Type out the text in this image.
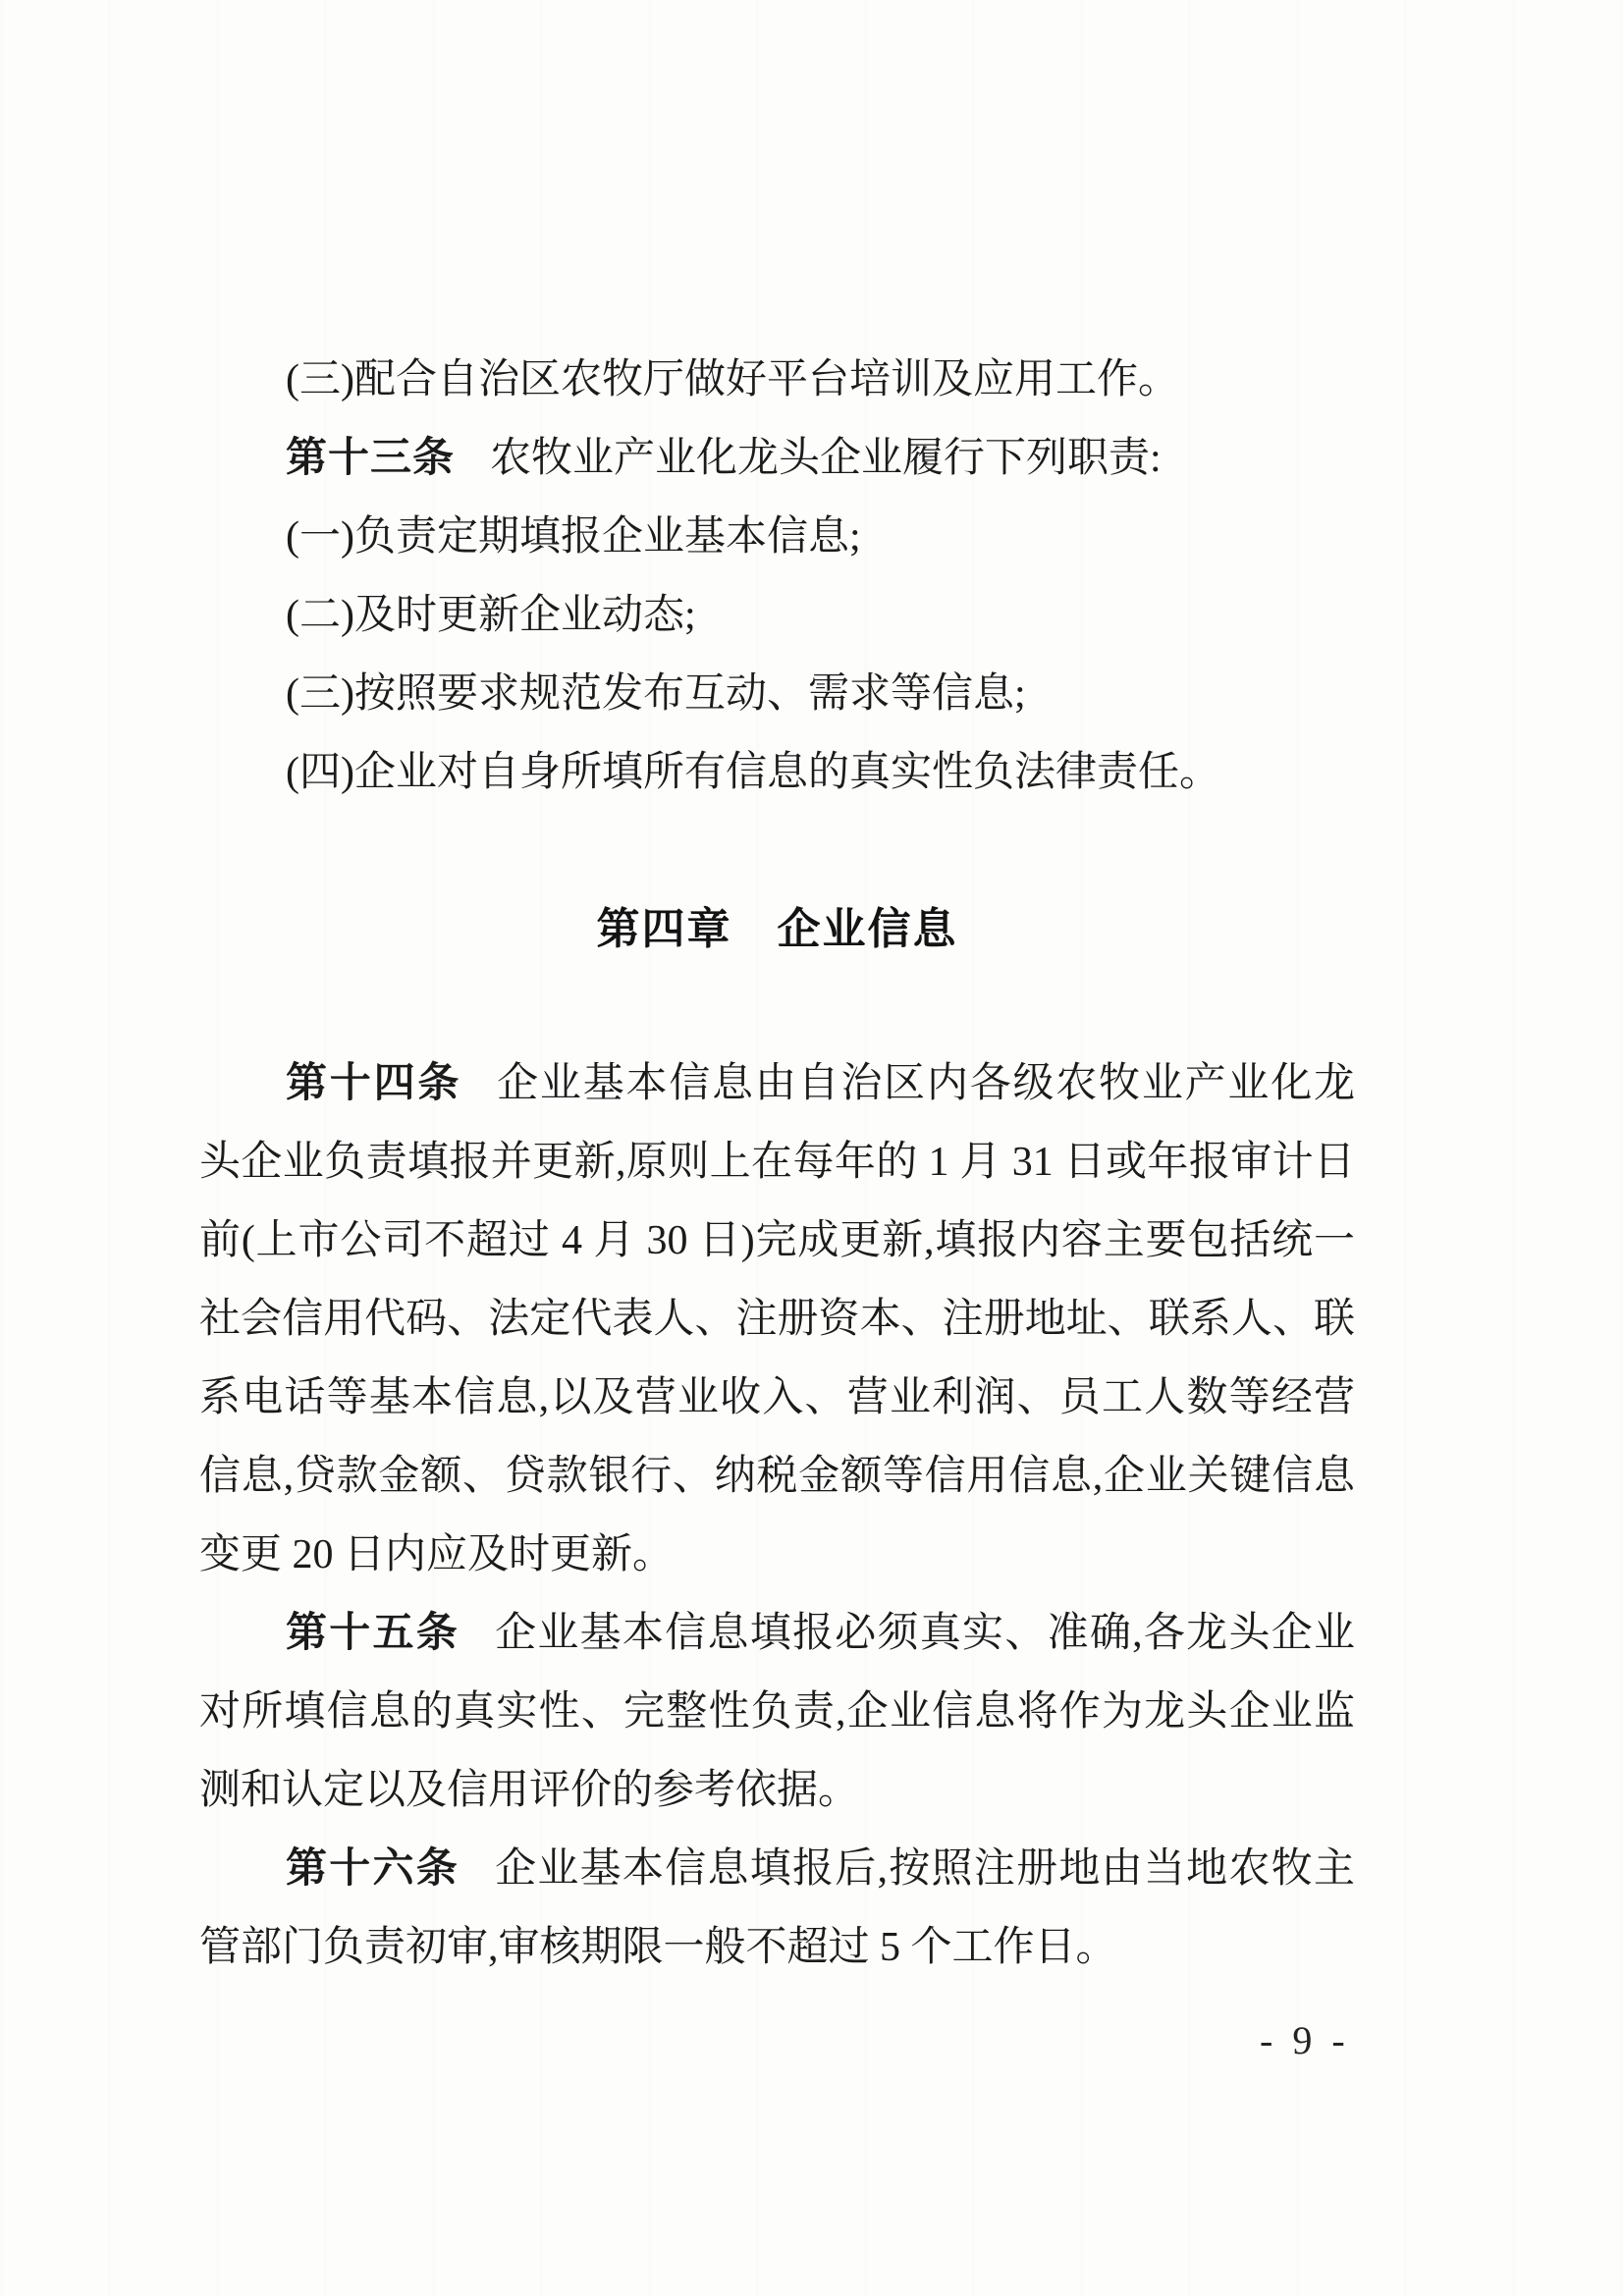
(三)配合自治区农牧厅做好平台培训及应用工作。

第十三条 农牧业产业化龙头企业履行下列职责:

(一)负责定期填报企业基本信息;

(二)及时更新企业动态;

(三)按照要求规范发布互动、需求等信息;

(四)企业对自身所填所有信息的真实性负法律责任。

第四章　企业信息

第十四条 企业基本信息由自治区内各级农牧业产业化龙头企业负责填报并更新,原则上在每年的 1 月 31 日或年报审计日前(上市公司不超过 4 月 30 日)完成更新,填报内容主要包括统一社会信用代码、法定代表人、注册资本、注册地址、联系人、联系电话等基本信息,以及营业收入、营业利润、员工人数等经营信息,贷款金额、贷款银行、纳税金额等信用信息,企业关键信息变更 20 日内应及时更新。

第十五条 企业基本信息填报必须真实、准确,各龙头企业对所填信息的真实性、完整性负责,企业信息将作为龙头企业监测和认定以及信用评价的参考依据。

第十六条 企业基本信息填报后,按照注册地由当地农牧主管部门负责初审,审核期限一般不超过 5 个工作日。

- 9 -
